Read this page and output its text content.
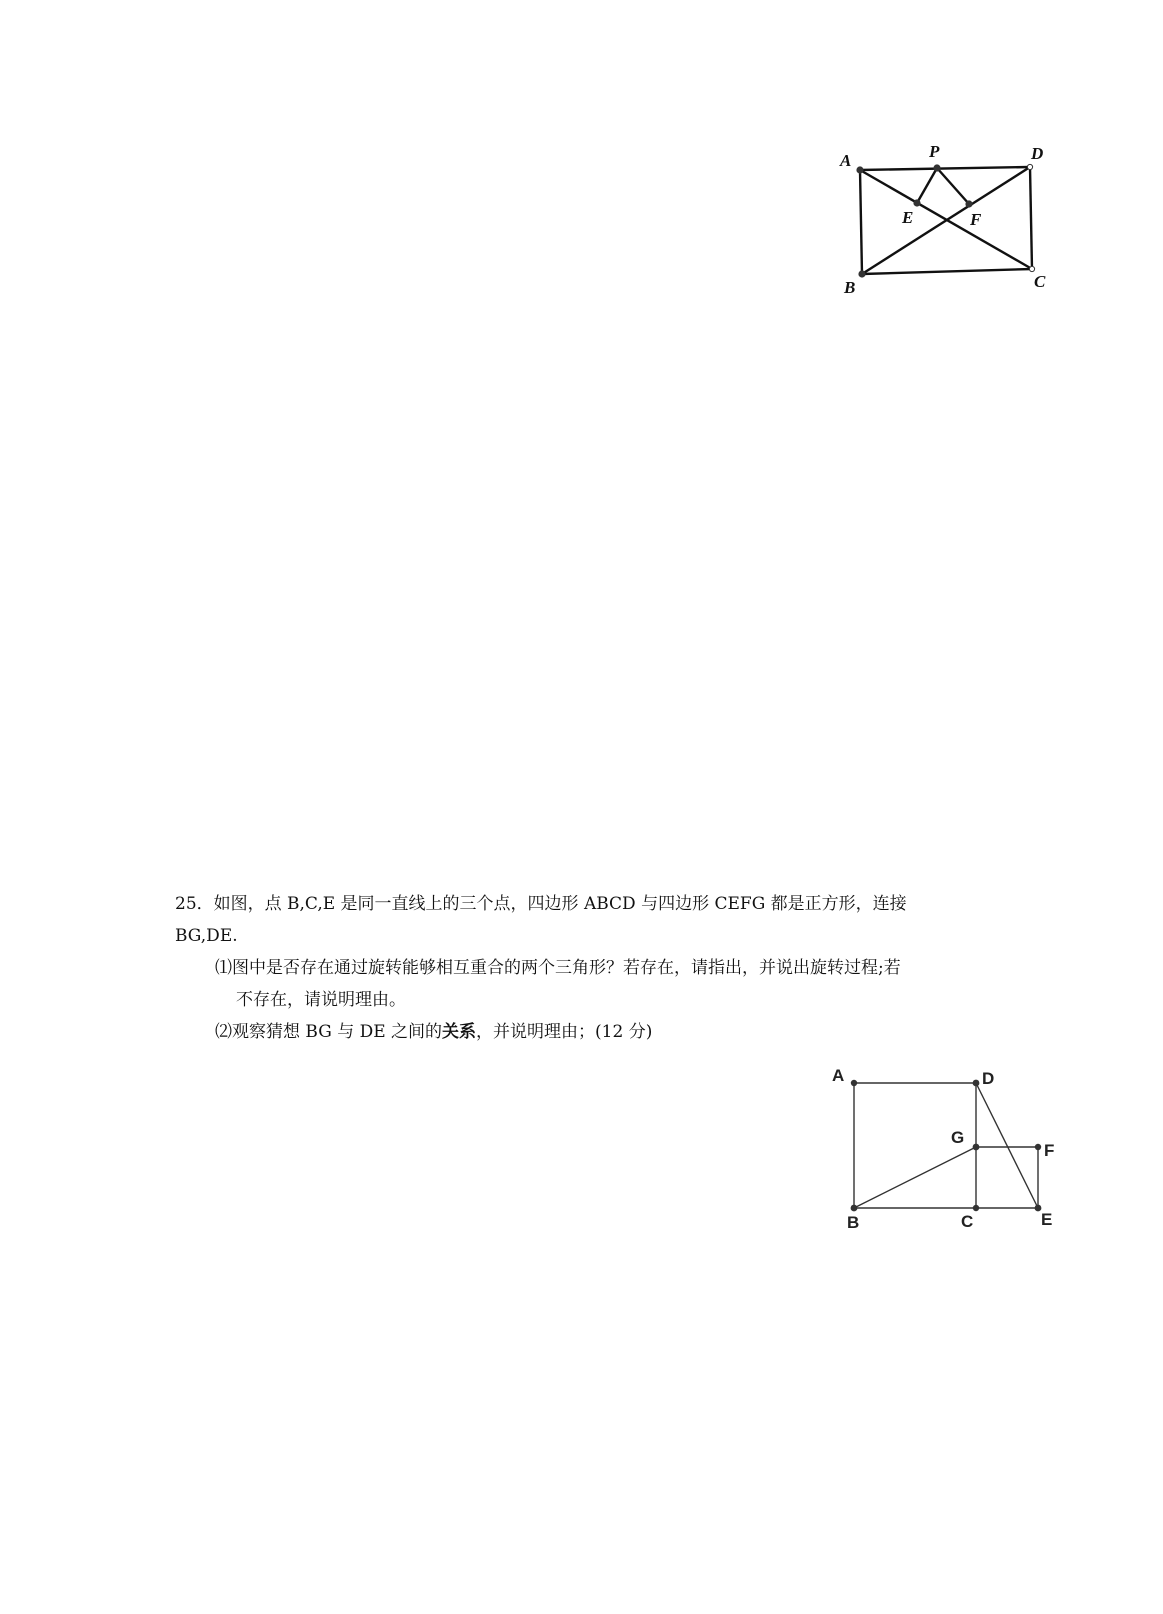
A	P	D
E	F
B	C
25．如图，点 B,C,E 是同一直线上的三个点，四边形 ABCD 与四边形 CEFG 都是正方形，连接
BG,DE.
⑴图中是否存在通过旋转能够相互重合的两个三角形？若存在，请指出，并说出旋转过程;若
不存在，请说明理由。
⑵观察猜想 BG 与 DE 之间的关系，并说明理由；(12 分)
A	D
G
F
B	C	E
